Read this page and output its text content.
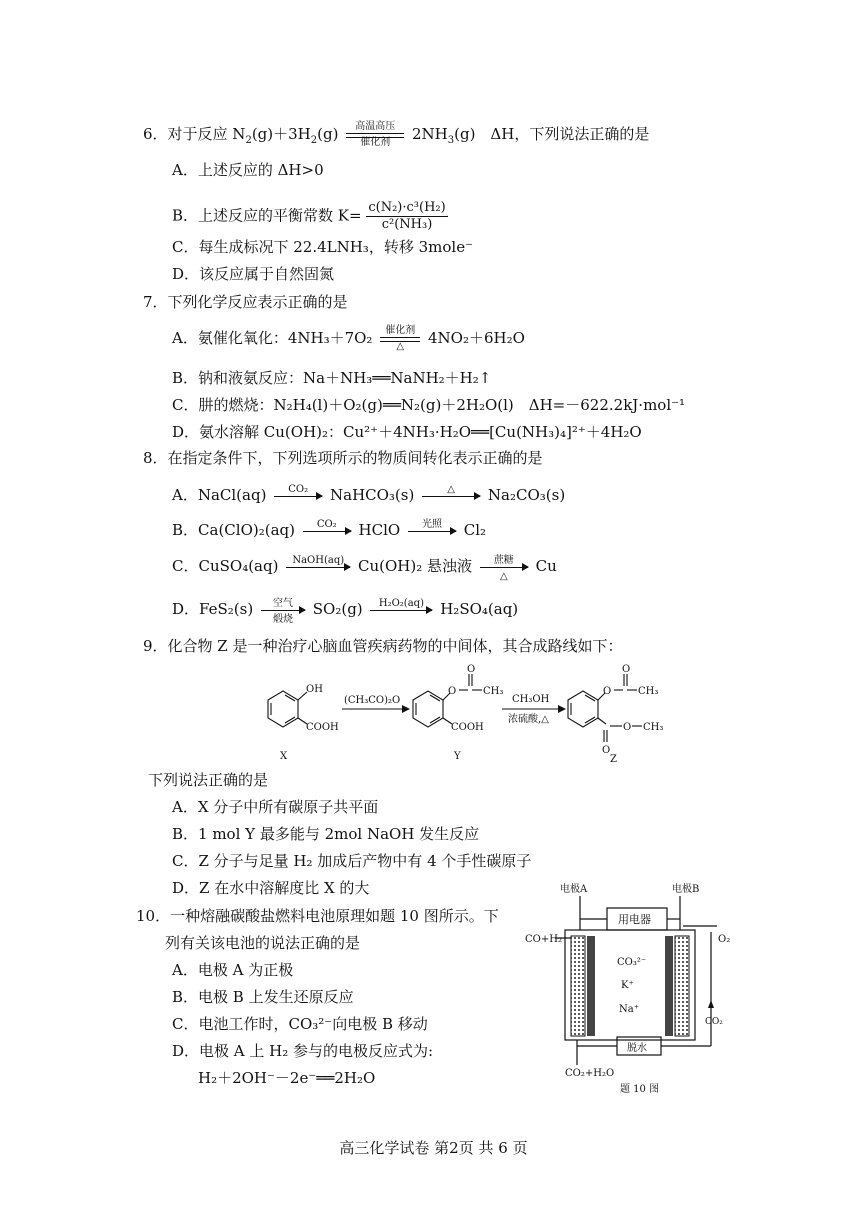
6．对于反应 $N_2(g)+3H_2(g)$	高温高压
催化剂	$2NH_3(g)$　ΔH，下列说法正确的是
A．上述反应的 ΔH>0
B．上述反应的平衡常数 $K= \frac{\text{c(N₂)·c³(H₂)}}{\text{c²(NH₃)}}$
C．每生成标况下 22.4LNH₃，转移 3mole⁻
D．该反应属于自然固氮
7．下列化学反应表示正确的是
A．氨催化氧化：4NH₃＋7O₂	催化剂
△	4NO₂＋6H₂O
B．钠和液氨反应：Na＋NH₃══NaNH₂＋H₂↑
C．肼的燃烧：N₂H₄(l)＋O₂(g)══N₂(g)＋2H₂O(l)　ΔH=－622.2kJ·mol⁻¹
D．氨水溶解 Cu(OH)₂：Cu²⁺＋4NH₃·H₂O══[Cu(NH₃)₄]²⁺＋4H₂O
8．在指定条件下，下列选项所示的物质间转化表示正确的是
A．NaCl(aq)	CO₂	NaHCO₃(s)	△	Na₂CO₃(s)
B．Ca(ClO)₂(aq)	CO₂	HClO	光照	Cl₂
C．CuSO₄(aq)	NaOH(aq) Cu(OH)₂ 悬浊液	蔗糖
△
Cu
D．FeS₂(s)	空气
煅烧
SO₂(g)	H₂O₂(aq)	H₂SO₄(aq)
9．化合物 Z 是一种治疗心脑血管疾病药物的中间体，其合成路线如下：
OH
COOH
X
(CH₃CO)₂O
O
O
CH₃
COOH
Y
CH₃OH
浓硫酸,△
O
O
CH₃
O CH₃
O
Z
下列说法正确的是
A．X 分子中所有碳原子共平面
B．1 mol Y 最多能与 2mol NaOH 发生反应
C．Z 分子与足量 H₂ 加成后产物中有 4 个手性碳原子
D．Z 在水中溶解度比 X 的大
10．一种熔融碳酸盐燃料电池原理如题 10 图所示。下
列有关该电池的说法正确的是
A．电极 A 为正极
B．电极 B 上发生还原反应
C．电池工作时，CO₃²⁻向电极 B 移动
D．电极 A 上 H₂ 参与的电极反应式为:
H₂＋2OH⁻－2e⁻══2H₂O
电极A	电极B
用电器
CO+H₂	O₂
CO₃²⁻
K⁺
Na⁺
CO₂
脱水
CO₂+H₂O
题 10 图
高三化学试卷 第2页 共 6 页
